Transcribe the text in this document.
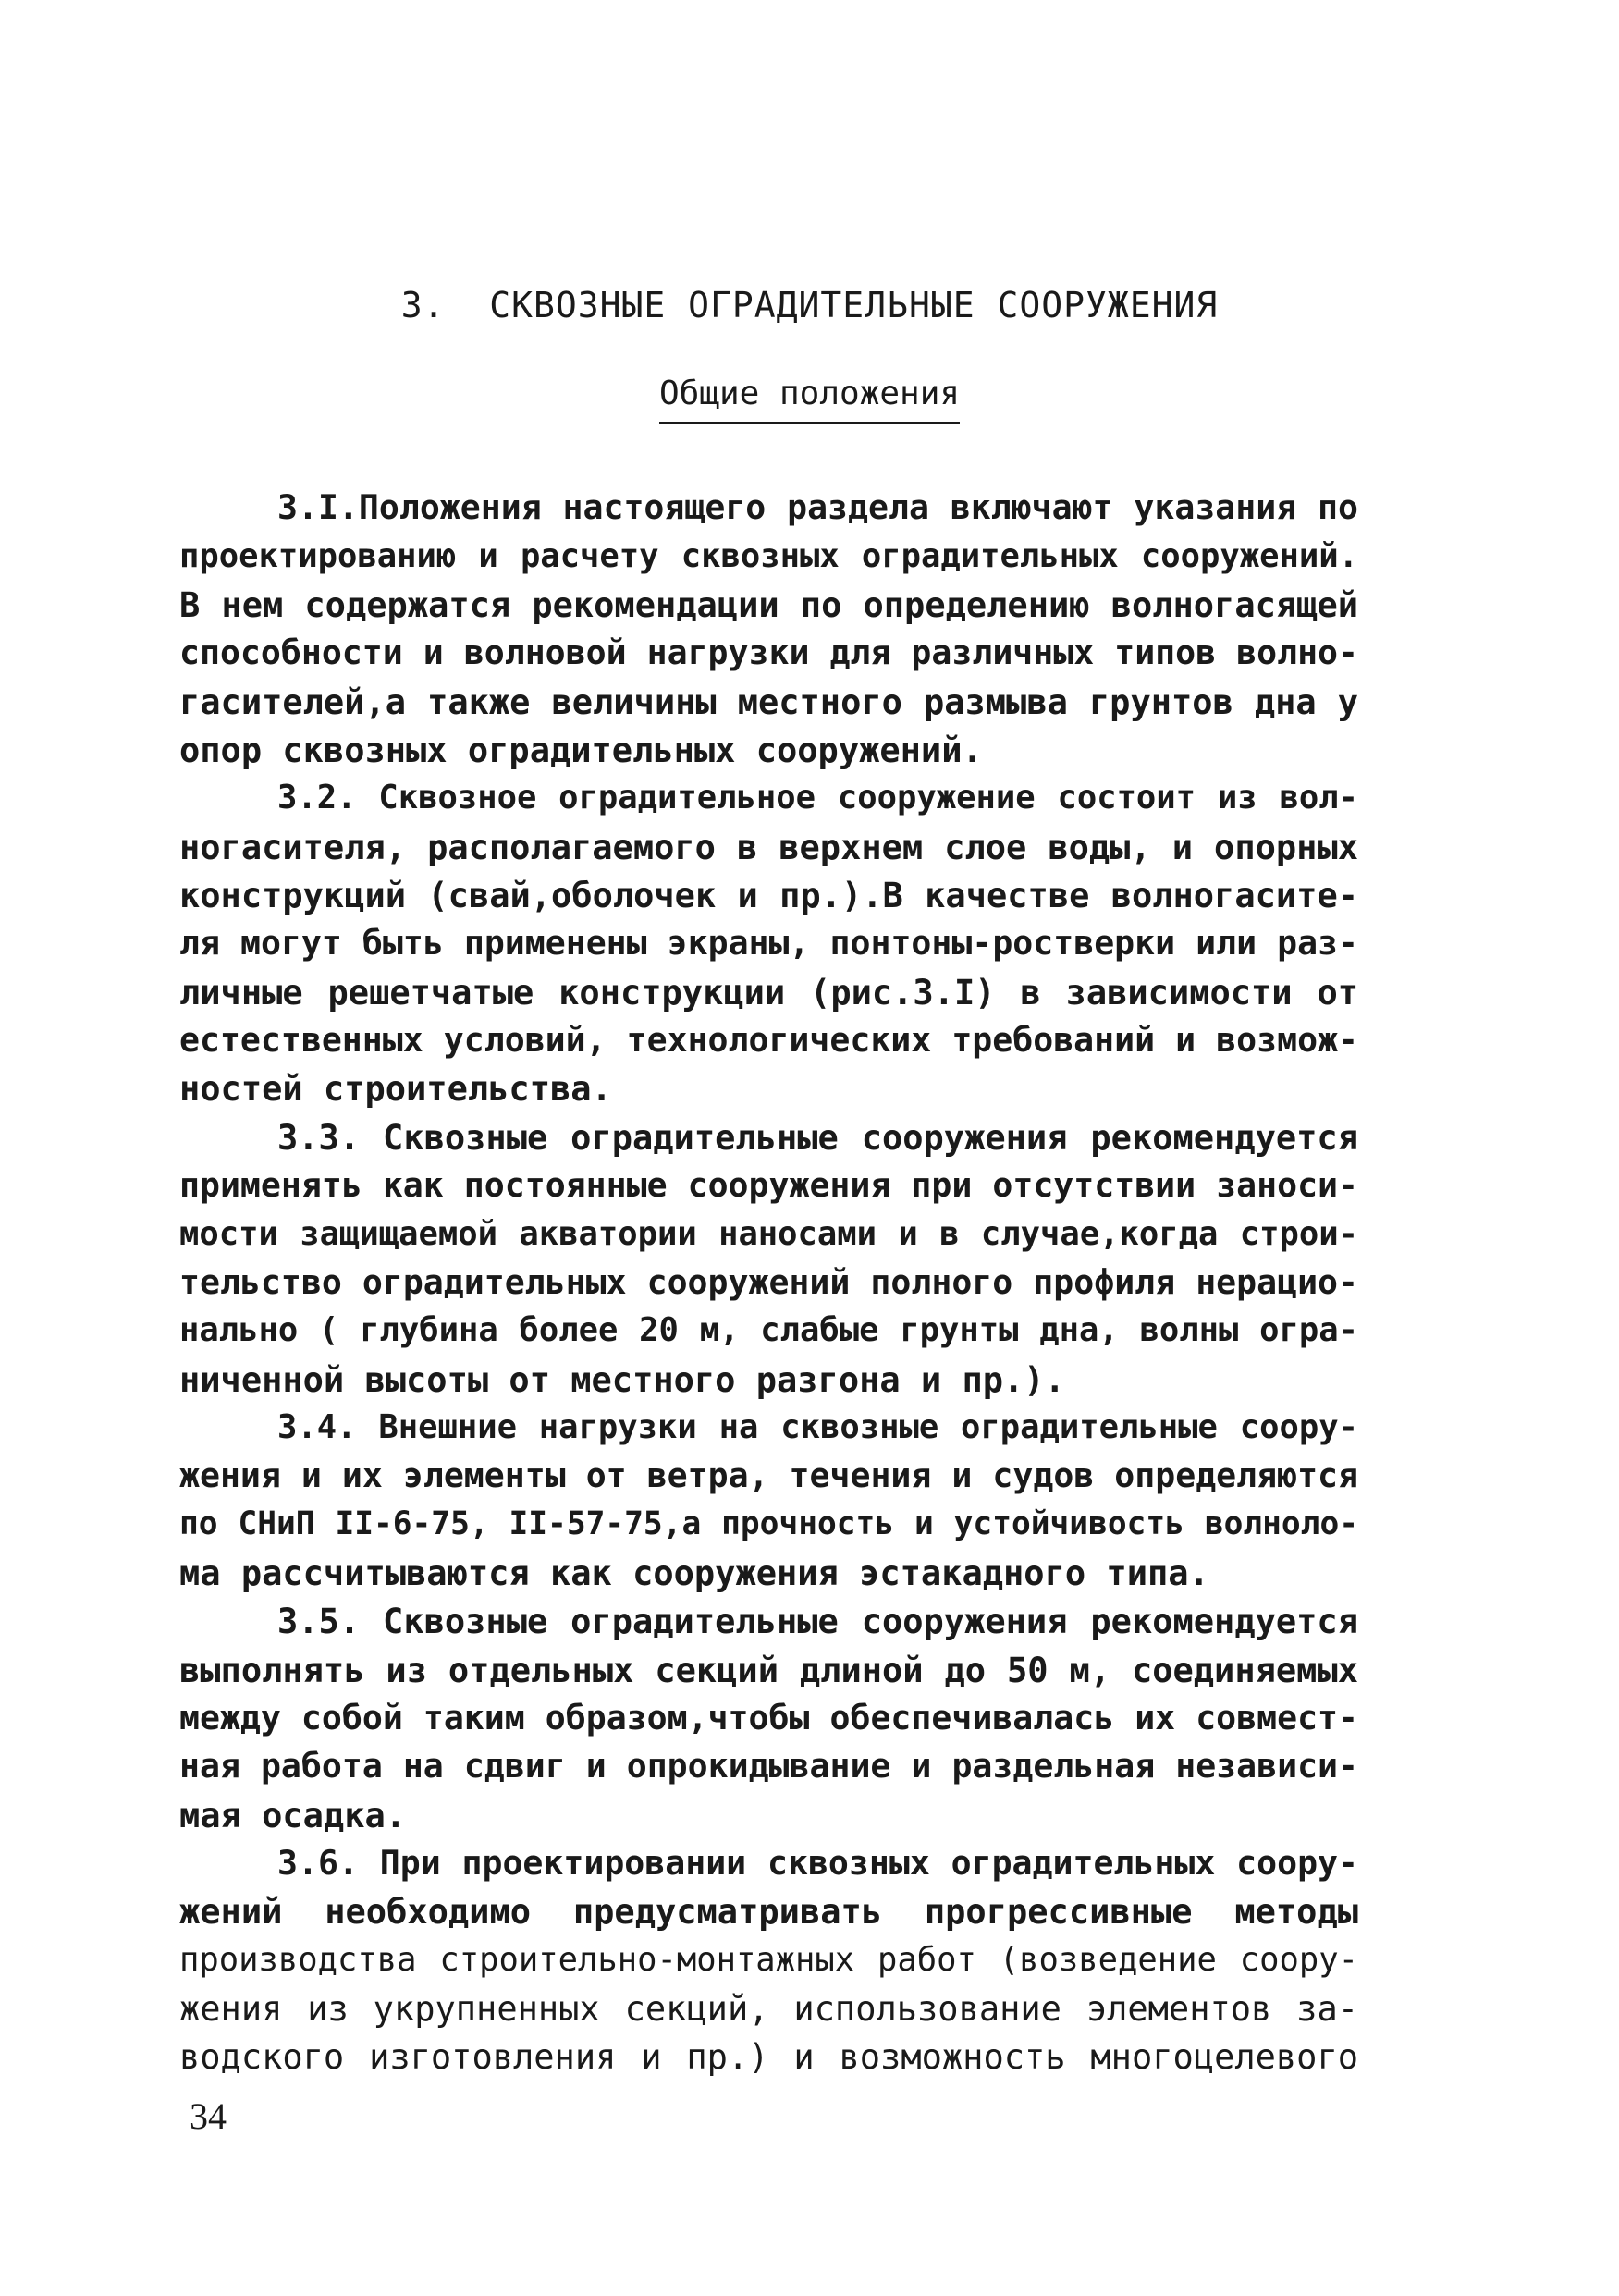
3.  СКВОЗНЫЕ ОГРАДИТЕЛЬНЫЕ СООРУЖЕНИЯ
Общие положения
3.I.Положения настоящего раздела включают указания по
проектированию и расчету сквозных оградительных сооружений.
В нем содержатся рекомендации по определению волногасящей
способности и волновой нагрузки для различных типов волно-
гасителей,а также величины местного размыва грунтов дна у
опор сквозных оградительных сооружений.
3.2. Сквозное оградительное сооружение состоит из вол-
ногасителя, располагаемого в верхнем слое воды, и опорных
конструкций (свай,оболочек и пр.).В качестве волногасите-
ля могут быть применены экраны, понтоны-ростверки или раз-
личные решетчатые конструкции (рис.3.I) в зависимости от
естественных условий, технологических требований и возмож-
ностей строительства.
3.3. Сквозные оградительные сооружения рекомендуется
применять как постоянные сооружения при отсутствии заноси-
мости защищаемой акватории наносами и в случае,когда строи-
тельство оградительных сооружений полного профиля нерацио-
нально ( глубина более 20 м, слабые грунты дна, волны огра-
ниченной высоты от местного разгона и пр.).
3.4. Внешние нагрузки на сквозные оградительные соору-
жения и их элементы от ветра, течения и судов определяются
по СНиП II-6-75, II-57-75,а прочность и устойчивость волноло-
ма рассчитываются как сооружения эстакадного типа.
3.5. Сквозные оградительные сооружения рекомендуется
выполнять из отдельных секций длиной до 50 м, соединяемых
между собой таким образом,чтобы обеспечивалась их совмест-
ная работа на сдвиг и опрокидывание и раздельная независи-
мая осадка.
3.6. При проектировании сквозных оградительных соору-
жений необходимо предусматривать прогрессивные методы
производства строительно-монтажных работ (возведение соору-
жения из укрупненных секций, использование элементов за-
водского изготовления и пр.) и возможность многоцелевого
34
